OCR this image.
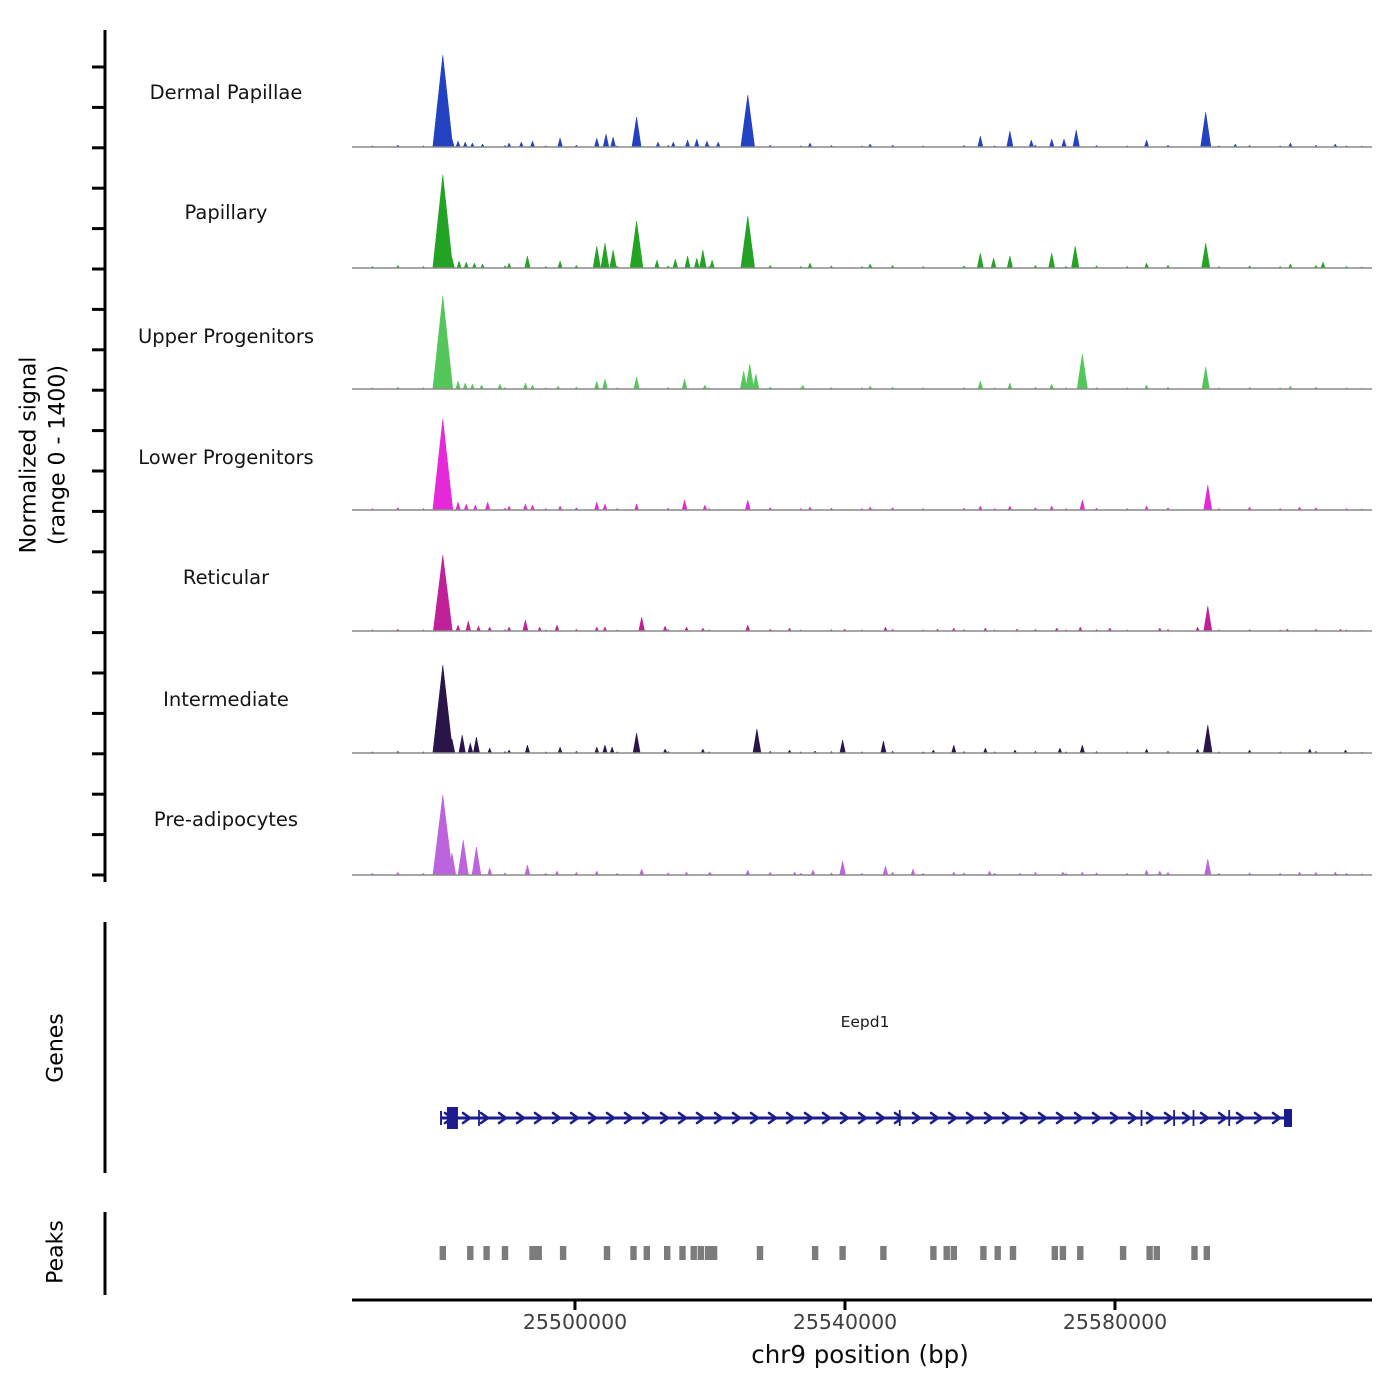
Dermal Papillae
Papillary
Upper Progenitors
Lower Progenitors
Reticular
Intermediate
Pre-adipocytes
Normalized signal (range 0 - 1400)
Genes
Peaks
Eepd1
25500000	25540000	25580000
chr9 position (bp)
